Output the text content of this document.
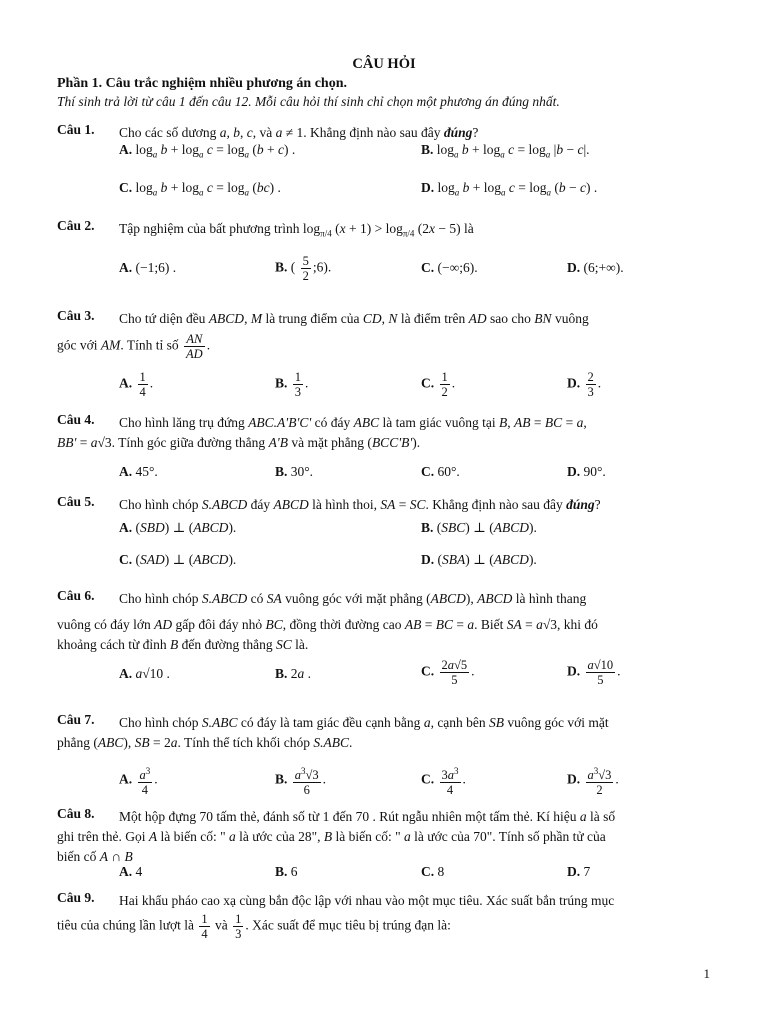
CÂU HỎI
Phần 1. Câu trắc nghiệm nhiều phương án chọn.
Thí sinh trả lời từ câu 1 đến câu 12. Mỗi câu hỏi thí sinh chỉ chọn một phương án đúng nhất.
Câu 1. Cho các số dương a, b, c, và a ≠ 1. Khẳng định nào sau đây đúng?
A. $\log_a b + \log_a c = \log_a (b + c)$ .	B. $\log_a b + \log_a c = \log_a |b - c|$.
C. $\log_a b + \log_a c = \log_a (bc)$ .	D. $\log_a b + \log_a c = \log_a (b - c)$ .
Câu 2. Tập nghiệm của bất phương trình $\log_{\pi/4} (x + 1) > \log_{\pi/4} (2x - 5)$ là
A. (−1;6) .	B. ( $\frac{5}{2}$ ;6).	C. (−∞;6).	D. (6;+∞).
Câu 3. Cho tứ diện đều ABCD, M là trung điểm của CD, N là điểm trên AD sao cho BN vuông
góc với AM. Tính tỉ số $\frac{AN}{AD}$ .
A. $\frac{1}{4}$ .	B. $\frac{1}{3}$ .	C. $\frac{1}{2}$ .	D. $\frac{2}{3}$ .
Câu 4. Cho hình lăng trụ đứng ABC.A'B'C' có đáy ABC là tam giác vuông tại B, AB = BC = a,
BB' = a√3. Tính góc giữa đường thẳng A'B và mặt phẳng (BCC'B').
A. 45°.	B. 30°.	C. 60°.	D. 90°.
Câu 5. Cho hình chóp S.ABCD đáy ABCD là hình thoi, SA = SC. Khẳng định nào sau đây đúng?
A. (SBD) ⊥ (ABCD).	B. (SBC) ⊥ (ABCD).
C. (SAD) ⊥ (ABCD).	D. (SBA) ⊥ (ABCD).
Câu 6. Cho hình chóp S.ABCD có SA vuông góc với mặt phẳng (ABCD), ABCD là hình thang
vuông có đáy lớn AD gấp đôi đáy nhỏ BC, đồng thời đường cao AB = BC = a. Biết SA = a√3, khi đó
khoảng cách từ đỉnh B đến đường thẳng SC là.
A. a√10 .	B. 2a .	C. $\frac{2a√5}{5}$ .	D. $\frac{a√10}{5}$ .
Câu 7. Cho hình chóp S.ABC có đáy là tam giác đều cạnh bằng a, cạnh bên SB vuông góc với mặt
phẳng (ABC), SB = 2a. Tính thể tích khối chóp S.ABC.
A. $\frac{a^3}{4}$ .	B. $\frac{a^3√3}{6}$ .	C. $\frac{3a^3}{4}$ .	D. $\frac{a^3√3}{2}$ .
Câu 8. Một hộp đựng 70 tấm thẻ, đánh số từ 1 đến 70 . Rút ngẫu nhiên một tấm thẻ. Kí hiệu a là số
ghi trên thẻ. Gọi A là biến cố: " a là ước của 28", B là biến cố: " a là ước của 70". Tính số phần tử của
biến cố A ∩ B
A. 4	B. 6	C. 8	D. 7
Câu 9. Hai khẩu pháo cao xạ cùng bắn độc lập với nhau vào một mục tiêu. Xác suất bắn trúng mục
tiêu của chúng lần lượt là $\frac{1}{4}$ và $\frac{1}{3}$ . Xác suất để mục tiêu bị trúng đạn là:
1
